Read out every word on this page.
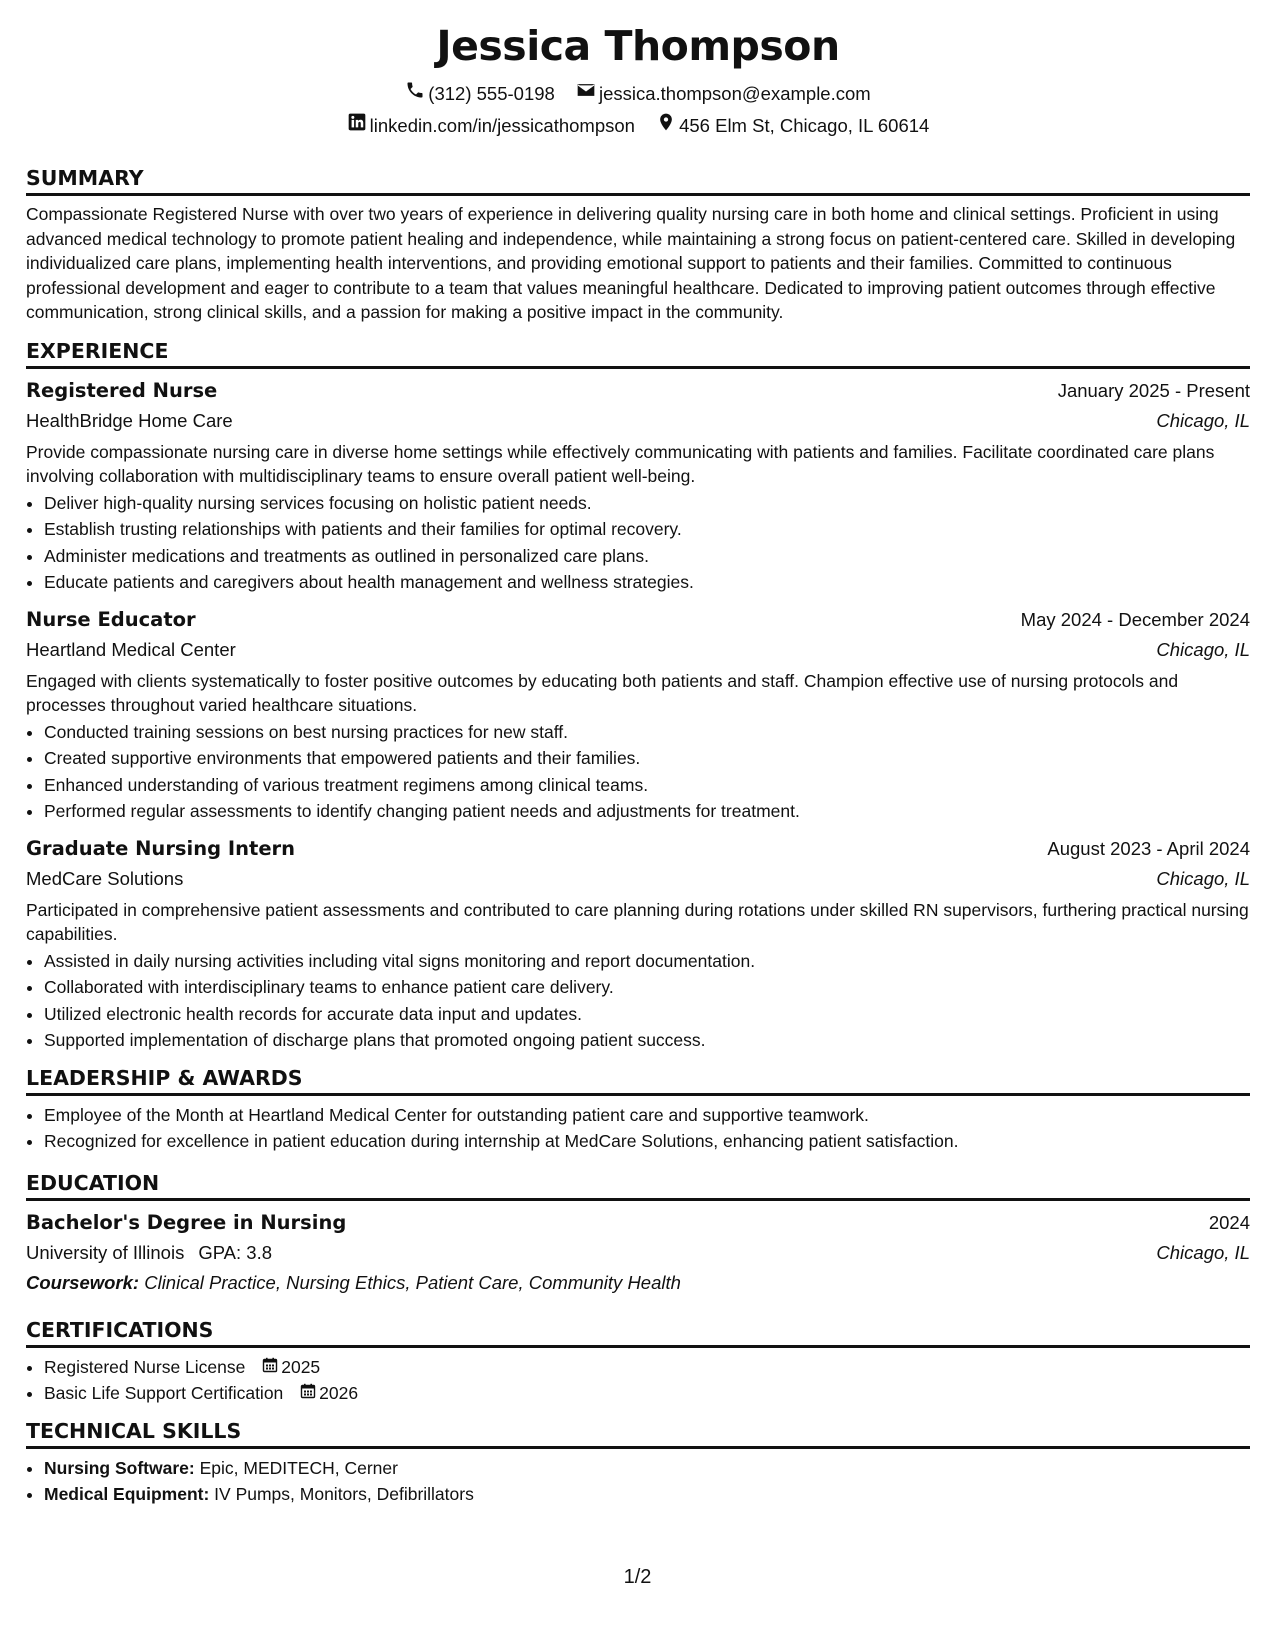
Jessica Thompson
(312) 555-0198
jessica.thompson@example.com
linkedin.com/in/jessicathompson
456 Elm St, Chicago, IL 60614
SUMMARY

Compassionate Registered Nurse with over two years of experience in delivering quality nursing care in both home and clinical settings. Proficient in using advanced medical technology to promote patient healing and independence, while maintaining a strong focus on patient-centered care. Skilled in developing individualized care plans, implementing health interventions, and providing emotional support to patients and their families. Committed to continuous professional development and eager to contribute to a team that values meaningful healthcare. Dedicated to improving patient outcomes through effective communication, strong clinical skills, and a passion for making a positive impact in the community.

EXPERIENCE
Registered Nurse	January 2025 - Present
HealthBridge Home Care	Chicago, IL

Provide compassionate nursing care in diverse home settings while effectively communicating with patients and families. Facilitate coordinated care plans involving collaboration with multidisciplinary teams to ensure overall patient well-being.

• Deliver high-quality nursing services focusing on holistic patient needs.
• Establish trusting relationships with patients and their families for optimal recovery.
• Administer medications and treatments as outlined in personalized care plans.
• Educate patients and caregivers about health management and wellness strategies.
Nurse Educator	May 2024 - December 2024
Heartland Medical Center	Chicago, IL

Engaged with clients systematically to foster positive outcomes by educating both patients and staff. Champion effective use of nursing protocols and processes throughout varied healthcare situations.

• Conducted training sessions on best nursing practices for new staff.
• Created supportive environments that empowered patients and their families.
• Enhanced understanding of various treatment regimens among clinical teams.
• Performed regular assessments to identify changing patient needs and adjustments for treatment.
Graduate Nursing Intern	August 2023 - April 2024
MedCare Solutions	Chicago, IL

Participated in comprehensive patient assessments and contributed to care planning during rotations under skilled RN supervisors, furthering practical nursing capabilities.

• Assisted in daily nursing activities including vital signs monitoring and report documentation.
• Collaborated with interdisciplinary teams to enhance patient care delivery.
• Utilized electronic health records for accurate data input and updates.
• Supported implementation of discharge plans that promoted ongoing patient success.
LEADERSHIP & AWARDS
• Employee of the Month at Heartland Medical Center for outstanding patient care and supportive teamwork.
• Recognized for excellence in patient education during internship at MedCare Solutions, enhancing patient satisfaction.
EDUCATION
Bachelor's Degree in Nursing	2024
University of Illinois GPA: 3.8	Chicago, IL
Coursework: Clinical Practice, Nursing Ethics, Patient Care, Community Health
CERTIFICATIONS
• Registered Nurse License 2025
• Basic Life Support Certification 2026
TECHNICAL SKILLS
• Nursing Software: Epic, MEDITECH, Cerner
• Medical Equipment: IV Pumps, Monitors, Defibrillators
1/2
